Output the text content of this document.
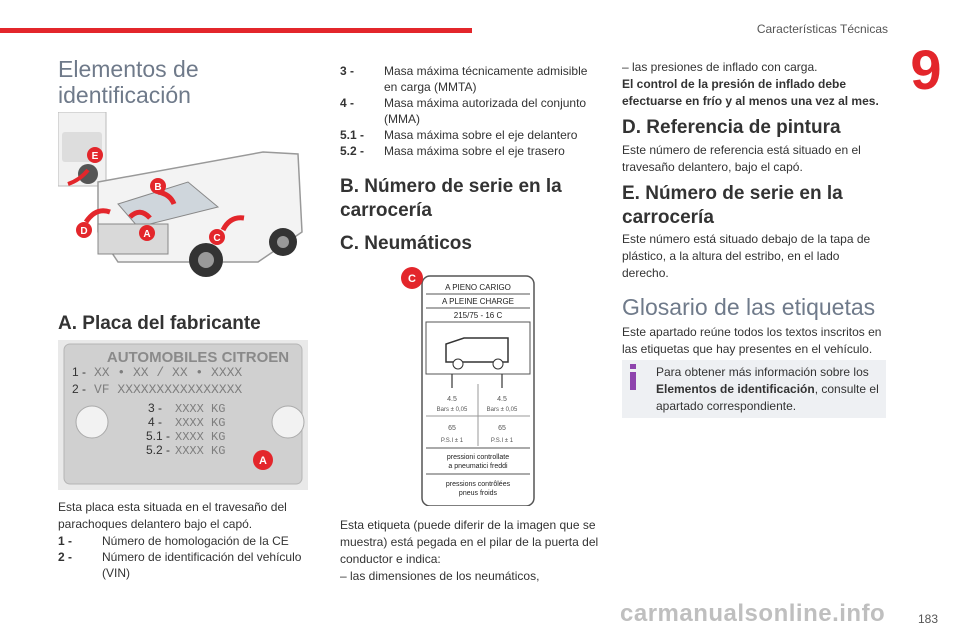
Características Técnicas
9
Elementos de identificación
E
B
D	A	C
A. Placa del fabricante
AUTOMOBILES CITROEN
1 - XX • XX / XX • XXXX
2 - VF XXXXXXXXXXXXXXXX
3 - XXXX KG
4 - XXXX KG
5.1 - XXXX KG
5.2 - XXXX KG
A
Esta placa esta situada en el travesaño del parachoques delantero bajo el capó.
1 -	Número de homologación de la CE
2 -	Número de identificación del vehículo (VIN)
3 -	Masa máxima técnicamente admisible en carga (MMTA)
4 -	Masa máxima autorizada del conjunto (MMA)
5.1 -	Masa máxima sobre el eje delantero
5.2 -	Masa máxima sobre el eje trasero
B. Número de serie en la carrocería
C. Neumáticos
C
A PIENO CARIGO
A PLEINE CHARGE
215/75 - 16 C
4.5	4.5
Bars ± 0,05	Bars ± 0,05
65	65
P.S.I ± 1	P.S.I ± 1
pressioni controllate
a pneumatici freddi
pressions contrôlées
pneus froids
Esta etiqueta (puede diferir de la imagen que se muestra) está pegada en el pilar de la puerta del conductor e indica:
– las dimensiones de los neumáticos,
– las presiones de inflado con carga.
El control de la presión de inflado debe efectuarse en frío y al menos una vez al mes.
D. Referencia de pintura
Este número de referencia está situado en el travesaño delantero, bajo el capó.
E. Número de serie en la carrocería
Este número está situado debajo de la tapa de plástico, a la altura del estribo, en el lado derecho.
Glosario de las etiquetas
Este apartado reúne todos los textos inscritos en las etiquetas que hay presentes en el vehículo.
Para obtener más información sobre los
Elementos de identificación, consulte el apartado correspondiente.
carmanualsonline.info	183
